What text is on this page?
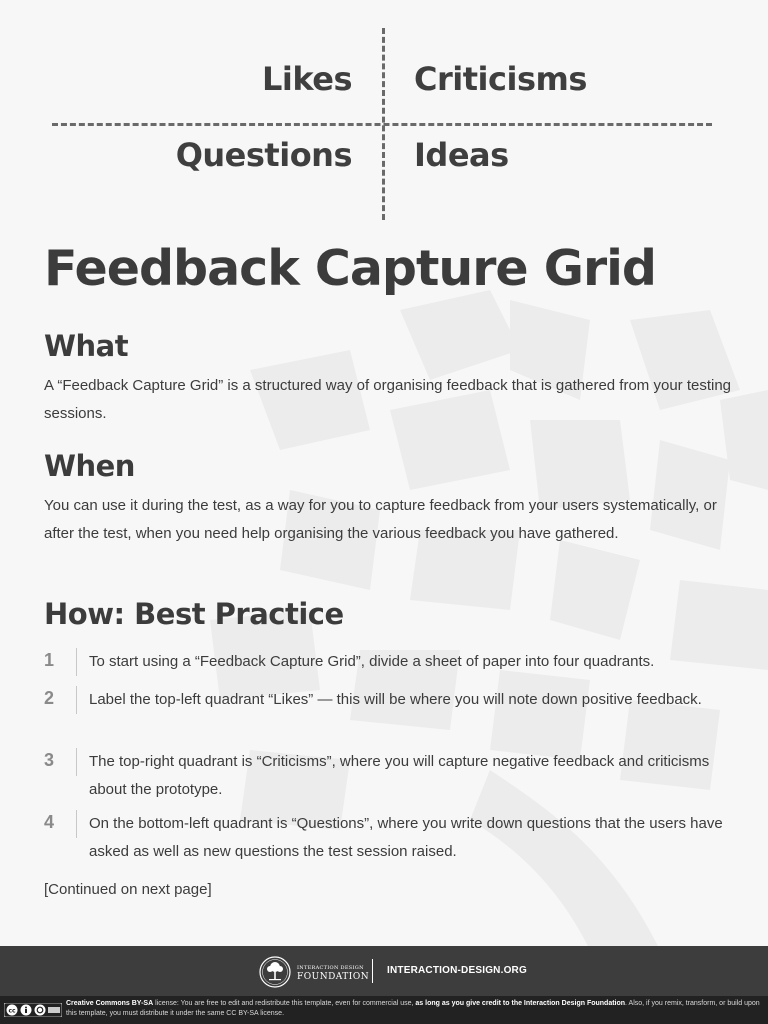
Likes Criticisms
Questions Ideas
Feedback Capture Grid
What

A “Feedback Capture Grid” is a structured way of organising feedback that is gathered from your testing sessions.

When

You can use it during the test, as a way for you to capture feedback from your users systematically, or after the test, when you need help organising the various feedback you have gathered.

How: Best Practice
1	To start using a “Feedback Capture Grid”, divide a sheet of paper into four quadrants.
2	Label the top-left quadrant “Likes” — this will be where you will note down positive feedback.
3	The top-right quadrant is “Criticisms”, where you will capture negative feedback and criticisms about the prototype.
4	On the bottom-left quadrant is “Questions”, where you write down questions that the users have asked as well as new questions the test session raised.

[Continued on next page]

INTERACTION DESIGN
FOUNDATION
INTERACTION-DESIGN.ORG
cc
Creative Commons BY-SA license: You are free to edit and redistribute this template, even for commercial use, as long as you give credit to the Interaction Design Foundation. Also, if you remix, transform, or build upon this template, you must distribute it under the same CC BY-SA license.
